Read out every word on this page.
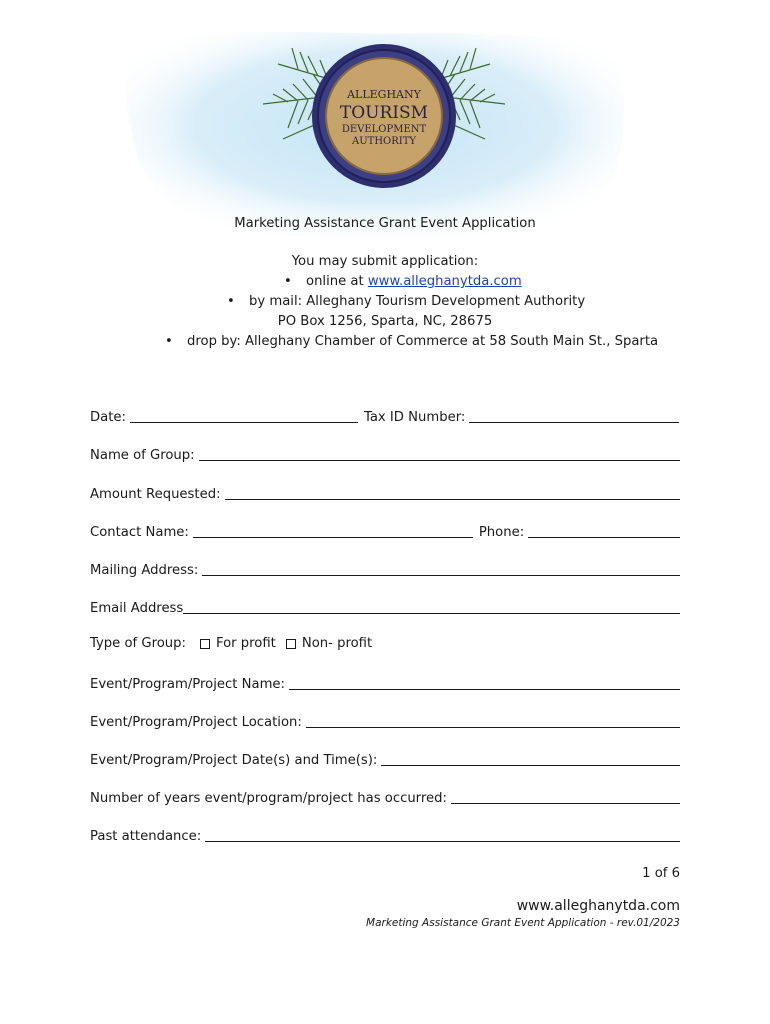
ALLEGHANY
TOURISM
DEVELOPMENT
AUTHORITY
Marketing Assistance Grant Event Application
You may submit application:
• online at www.alleghanytda.com
• by mail: Alleghany Tourism Development Authority
PO Box 1256, Sparta, NC, 28675
• drop by: Alleghany Chamber of Commerce at 58 South Main St., Sparta
Date:	Tax ID Number:
Name of Group:
Amount Requested:
Contact Name:	Phone:
Mailing Address:
Email Address
Type of Group: For profit Non- profit
Event/Program/Project Name:
Event/Program/Project Location:
Event/Program/Project Date(s) and Time(s):
Number of years event/program/project has occurred:
Past attendance:
1 of 6
www.alleghanytda.com
Marketing Assistance Grant Event Application - rev.01/2023
